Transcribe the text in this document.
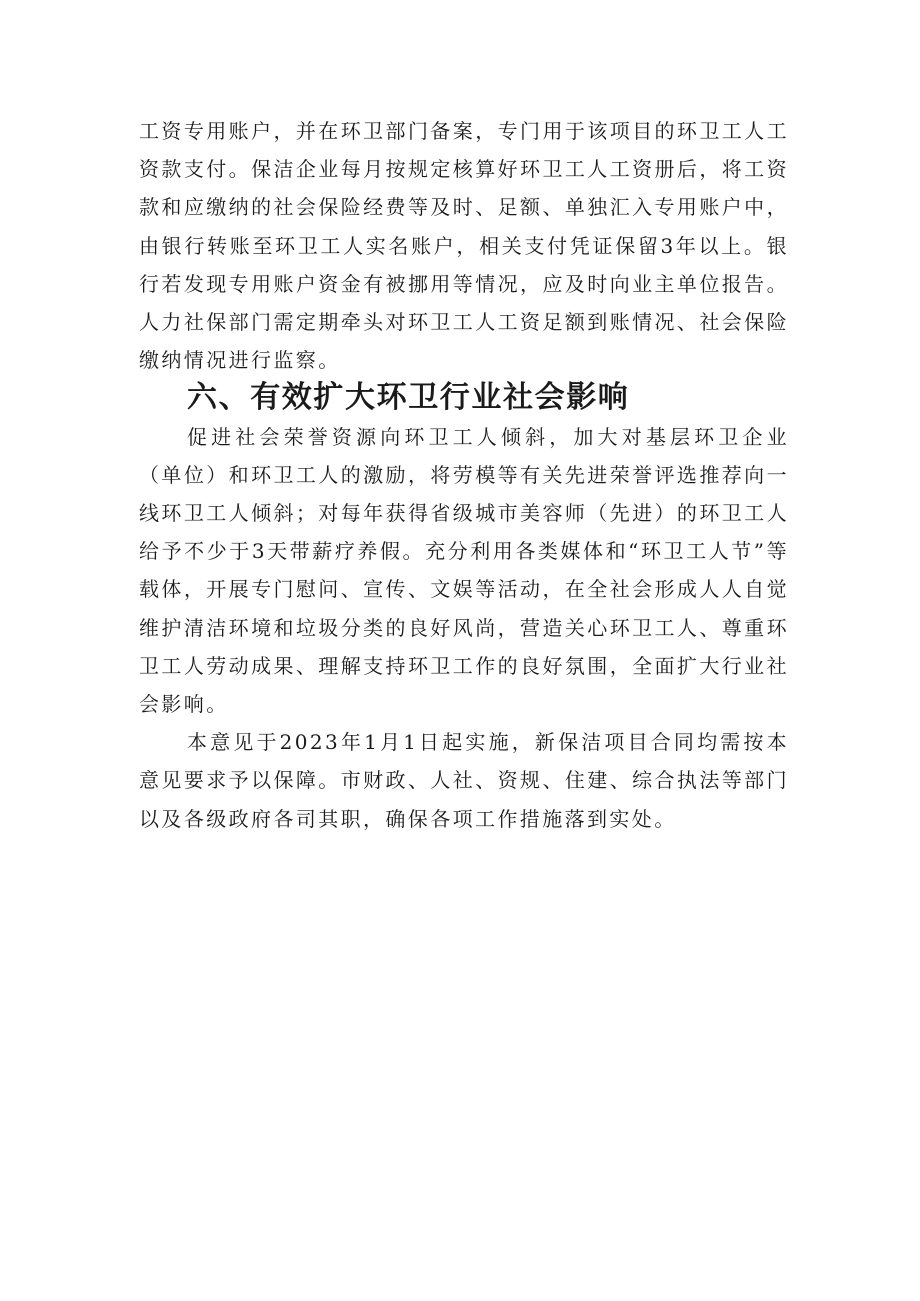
工资专用账户，并在环卫部门备案，专门用于该项目的环卫工人工资款支付。保洁企业每月按规定核算好环卫工人工资册后，将工资款和应缴纳的社会保险经费等及时、足额、单独汇入专用账户中，由银行转账至环卫工人实名账户，相关支付凭证保留3年以上。银行若发现专用账户资金有被挪用等情况，应及时向业主单位报告。人力社保部门需定期牵头对环卫工人工资足额到账情况、社会保险缴纳情况进行监察。

六、有效扩大环卫行业社会影响

促进社会荣誉资源向环卫工人倾斜，加大对基层环卫企业（单位）和环卫工人的激励，将劳模等有关先进荣誉评选推荐向一线环卫工人倾斜；对每年获得省级城市美容师（先进）的环卫工人给予不少于3天带薪疗养假。充分利用各类媒体和“环卫工人节”等载体，开展专门慰问、宣传、文娱等活动，在全社会形成人人自觉维护清洁环境和垃圾分类的良好风尚，营造关心环卫工人、尊重环卫工人劳动成果、理解支持环卫工作的良好氛围，全面扩大行业社会影响。

本意见于2023年1月1日起实施，新保洁项目合同均需按本意见要求予以保障。市财政、人社、资规、住建、综合执法等部门以及各级政府各司其职，确保各项工作措施落到实处。
